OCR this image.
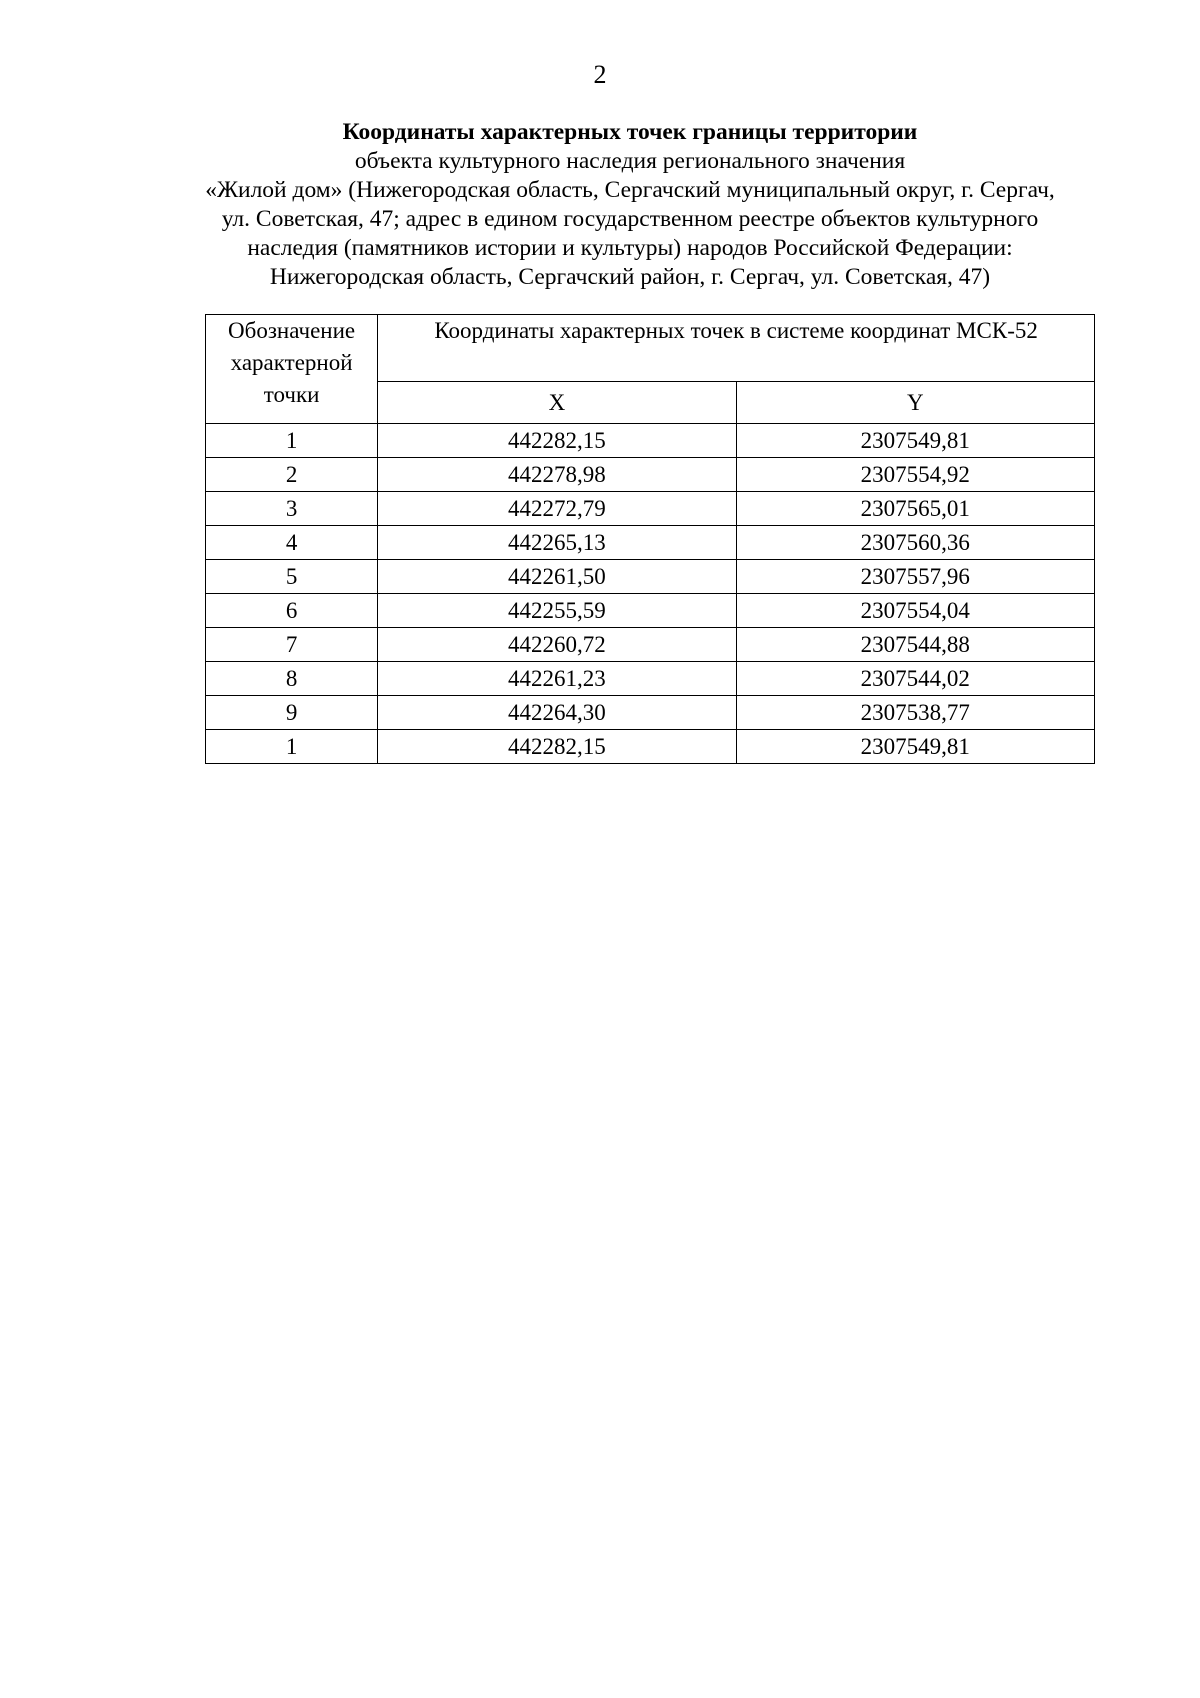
2
Координаты характерных точек границы территории
объекта культурного наследия регионального значения
«Жилой дом» (Нижегородская область, Сергачский муниципальный округ, г. Сергач,
ул. Советская, 47; адрес в едином государственном реестре объектов культурного
наследия (памятников истории и культуры) народов Российской Федерации:
Нижегородская область, Сергачский район, г. Сергач, ул. Советская, 47)
Обозначение
характерной
точки	Координаты характерных точек в системе координат МСК-52	
	X	Y
1	442282,15	2307549,81
2	442278,98	2307554,92
3	442272,79	2307565,01
4	442265,13	2307560,36
5	442261,50	2307557,96
6	442255,59	2307554,04
7	442260,72	2307544,88
8	442261,23	2307544,02
9	442264,30	2307538,77
1	442282,15	2307549,81
